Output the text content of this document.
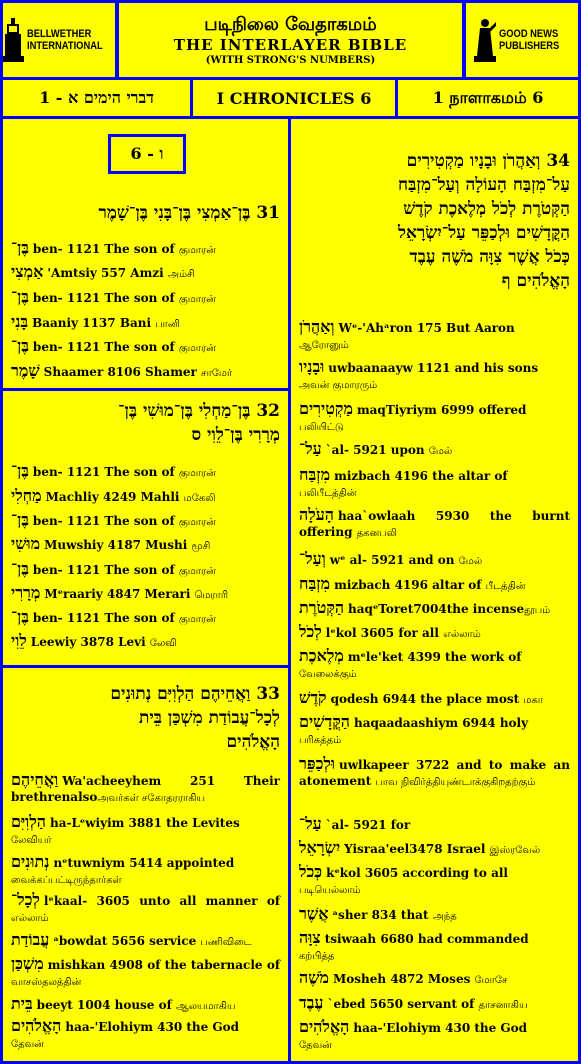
BELLWETHER
INTERNATIONAL
படிநிலை வேதாகமம்
THE INTERLAYER BIBLE
(WITH STRONG'S NUMBERS)
GOOD NEWS
PUBLISHERS
דברי הימים א - 1	I CHRONICLES 6	1 நாளாகமம் 6
6 - ו
31 בֶּן־אַמְצִי בֶּן־בָּנִי בֶּן־שָׁמֶר
בֶּן־ ben- 1121 The son of குமாரன்
אַמְצִי 'Amtsiy 557 Amzi அம்சி
בֶּן־ ben- 1121 The son of குமாரன்
בָּנִי Baaniy 1137 Bani பானி
בֶּן־ ben- 1121 The son of குமாரன்
שָׁמֶר Shaamer 8106 Shamer சாமேர்
32 בֶּן־מַחְלִי בֶּן־מוּשִׁי בֶּן־
מְרָרִי בֶּן־לֵוִי ס
בֶּן־ ben- 1121 The son of குமாரன்
מַחְלִי Machliy 4249 Mahli மகேலி
בֶּן־ ben- 1121 The son of குமாரன்
מוּשִׁי Muwshiy 4187 Mushi மூசி
בֶּן־ ben- 1121 The son of குமாரன்
מְרָרִי Mᵉraariy 4847 Merari மெராரி
בֶּן־ ben- 1121 The son of குமாரன்
לֵוִי Leewiy 3878 Levi லேவி
33 וַאֲחֵיהֶם הַלְוִיִּם נְתוּנִים
לְכָל־עֲבוֹדַת מִשְׁכַּן בֵּית
הָאֱלֹהִים
וַאֲחֵיהֶם Wa'acheeyhem 251 Their brethrenalsoஅவர்கள் சகோதரராகிய
הַלְוִיִּם ha-Lᵉwiyim 3881 the Levites
லேவியர்
נְתוּנִים nᵉtuwniym 5414 appointed
வைக்கப்பட்டிருந்தார்கள்
לְכָל־ lᵉkaal- 3605 unto all manner of எல்லாம்
עֲבוֹדַת ᵃbowdat 5656 service பணிவிடை
מִשְׁכַּן mishkan 4908 of the tabernacle of வாசஸ்தலத்தின்
בֵּית beeyt 1004 house of ஆலயமாகிய
הָאֱלֹהִים haa-'Elohiym 430 the God
தேவன்
34 וְאַהֲרֹן וּבָנָיו מַקְטִירִים
עַל־מִזְבַּח הָעוֹלָה וְעַל־מִזְבַּח
הַקְּטֹרֶת לְכֹל מְלֶאכֶת קֹדֶשׁ
הַקֳּדָשִׁים וּלְכַפֵּר עַל־יִשְׂרָאֵל
כְּכֹל אֲשֶׁר צִוָּה מֹשֶׁה עֶבֶד
הָאֱלֹהִים ף
וְאַהֲרֹן Wᵉ-'Ahᵃron 175 But Aaron
ஆரோனும்
וּבָנָיו uwbaanaayw 1121 and his sons
அவன் குமாரரும்
מַקְטִירִים maqTiyriym 6999 offered
பலியிட்டு
עַל־ `al- 5921 upon மேல்
מִזְבַּח mizbach 4196 the altar of
பலிபீடத்தின்
הָעֹלָה haa`owlaah 5930 the burnt offering தகனபலி
וְעַל־ wᵉ al- 5921 and on மேல்
מִזְבַּח mizbach 4196 altar of பீடத்தின்
הַקְּטֹרֶת haqᵉToret7004the incenseதூபம்
לְכֹל lᵉkol 3605 for all எல்லாம்
מְלֶאכֶת mᵉle'ket 4399 the work of
வேலைக்கும்
קֹדֶשׁ qodesh 6944 the place most மகா
הַקֳּדָשִׁים haqaadaashiym 6944 holy
பரிசுத்தம்
וּלְכַפֵּר uwlkapeer 3722 and to make an atonement பாவ நிவிர்த்தியுண்டாக்குகிறதற்கும்
עַל־ `al- 5921 for
יִשְׂרָאֵל Yisraa'eel3478 Israel இஸ்ரவேல்
כְּכֹל kᵉkol 3605 according to all
படியெல்லாம்
אֲשֶׁר ᵃsher 834 that அந்த
צִוָּה tsiwaah 6680 had commanded
கற்பித்த
מֹשֶׁה Mosheh 4872 Moses மோசே
עֶבֶד `ebed 5650 servant of தாசனாகிய
הָאֱלֹהִים haa-'Elohiym 430 the God
தேவன்
